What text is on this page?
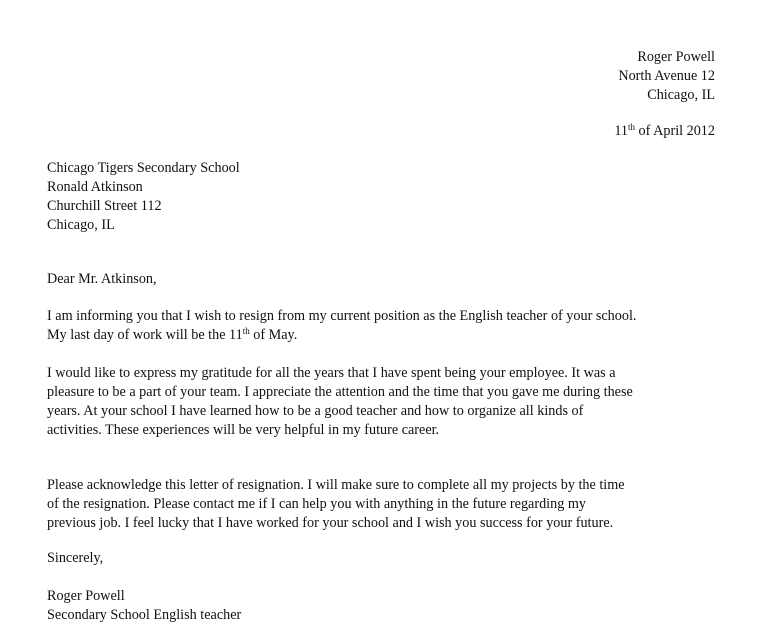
Roger Powell
North Avenue 12
Chicago, IL
11th of April 2012
Chicago Tigers Secondary School
Ronald Atkinson
Churchill Street 112
Chicago, IL
Dear Mr. Atkinson,
I am informing you that I wish to resign from my current position as the English teacher of your school.
My last day of work will be the 11th of May.
I would like to express my gratitude for all the years that I have spent being your employee. It was a
pleasure to be a part of your team. I appreciate the attention and the time that you gave me during these
years. At your school I have learned how to be a good teacher and how to organize all kinds of
activities. These experiences will be very helpful in my future career.
Please acknowledge this letter of resignation. I will make sure to complete all my projects by the time
of the resignation. Please contact me if I can help you with anything in the future regarding my
previous job. I feel lucky that I have worked for your school and I wish you success for your future.
Sincerely,
Roger Powell
Secondary School English teacher
